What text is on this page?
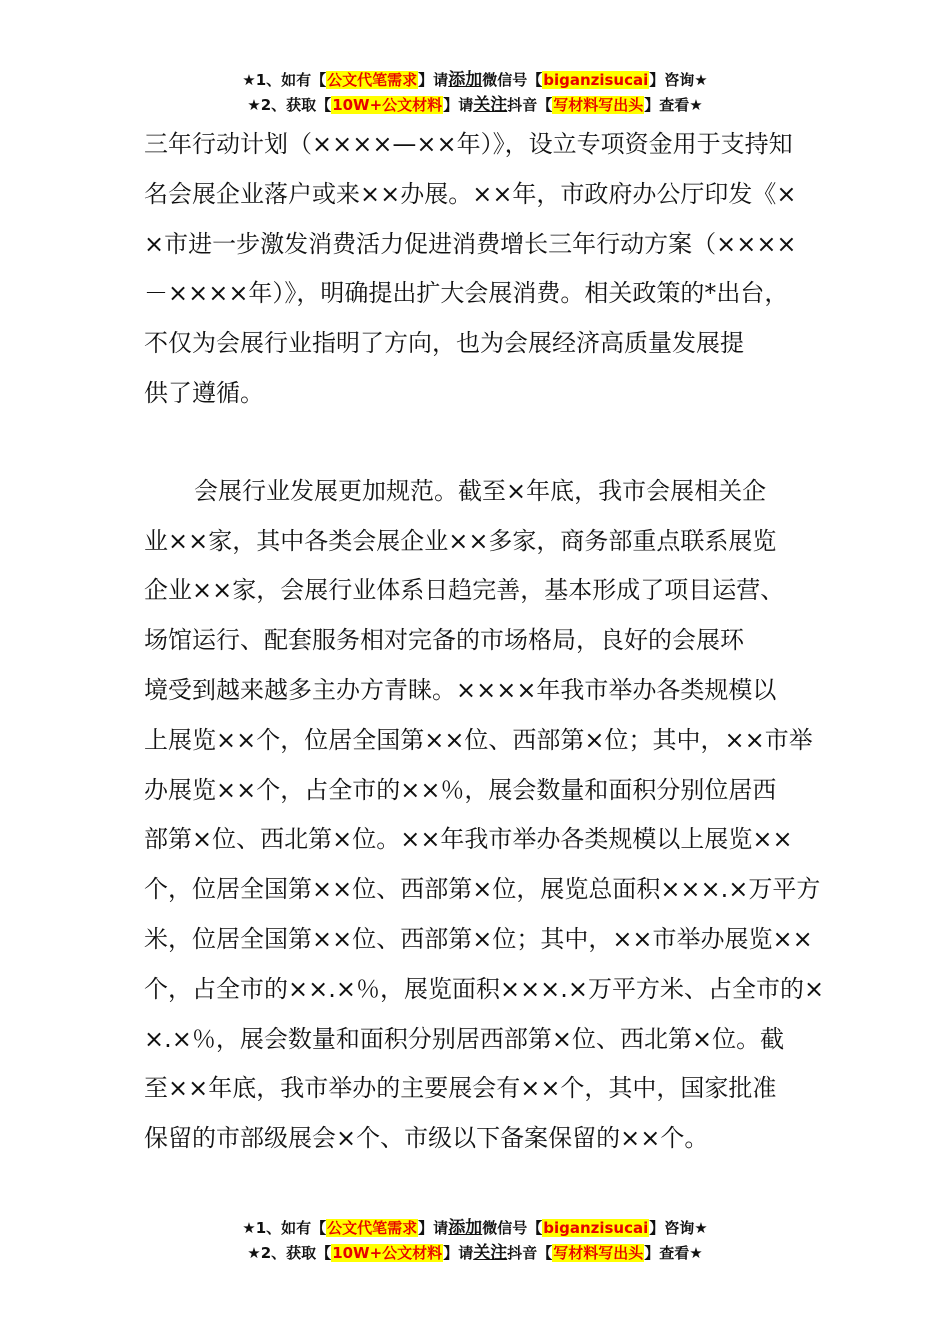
★1、如有【公文代笔需求】请添加微信号【biganzisucai】咨询★
★2、获取【10W+公文材料】请关注抖音【写材料写出头】查看★

三年行动计划（××××—××年）》，设立专项资金用于支持知
名会展企业落户或来××办展。××年，市政府办公厅印发《×
×市进一步激发消费活力促进消费增长三年行动方案（××××
－××××年）》，明确提出扩大会展消费。相关政策的*出台，
不仅为会展行业指明了方向，也为会展经济高质量发展提
供了遵循。

会展行业发展更加规范。截至×年底，我市会展相关企
业××家，其中各类会展企业××多家，商务部重点联系展览
企业××家，会展行业体系日趋完善，基本形成了项目运营、
场馆运行、配套服务相对完备的市场格局，良好的会展环
境受到越来越多主办方青睐。××××年我市举办各类规模以
上展览××个，位居全国第××位、西部第×位；其中，××市举
办展览××个，占全市的××％，展会数量和面积分别位居西
部第×位、西北第×位。××年我市举办各类规模以上展览××
个，位居全国第××位、西部第×位，展览总面积×××.×万平方
米，位居全国第××位、西部第×位；其中，××市举办展览××
个，占全市的××.×％，展览面积×××.×万平方米、占全市的×
×.×％，展会数量和面积分别居西部第×位、西北第×位。截
至××年底，我市举办的主要展会有××个，其中，国家批准
保留的市部级展会×个、市级以下备案保留的××个。

★1、如有【公文代笔需求】请添加微信号【biganzisucai】咨询★
★2、获取【10W+公文材料】请关注抖音【写材料写出头】查看★
